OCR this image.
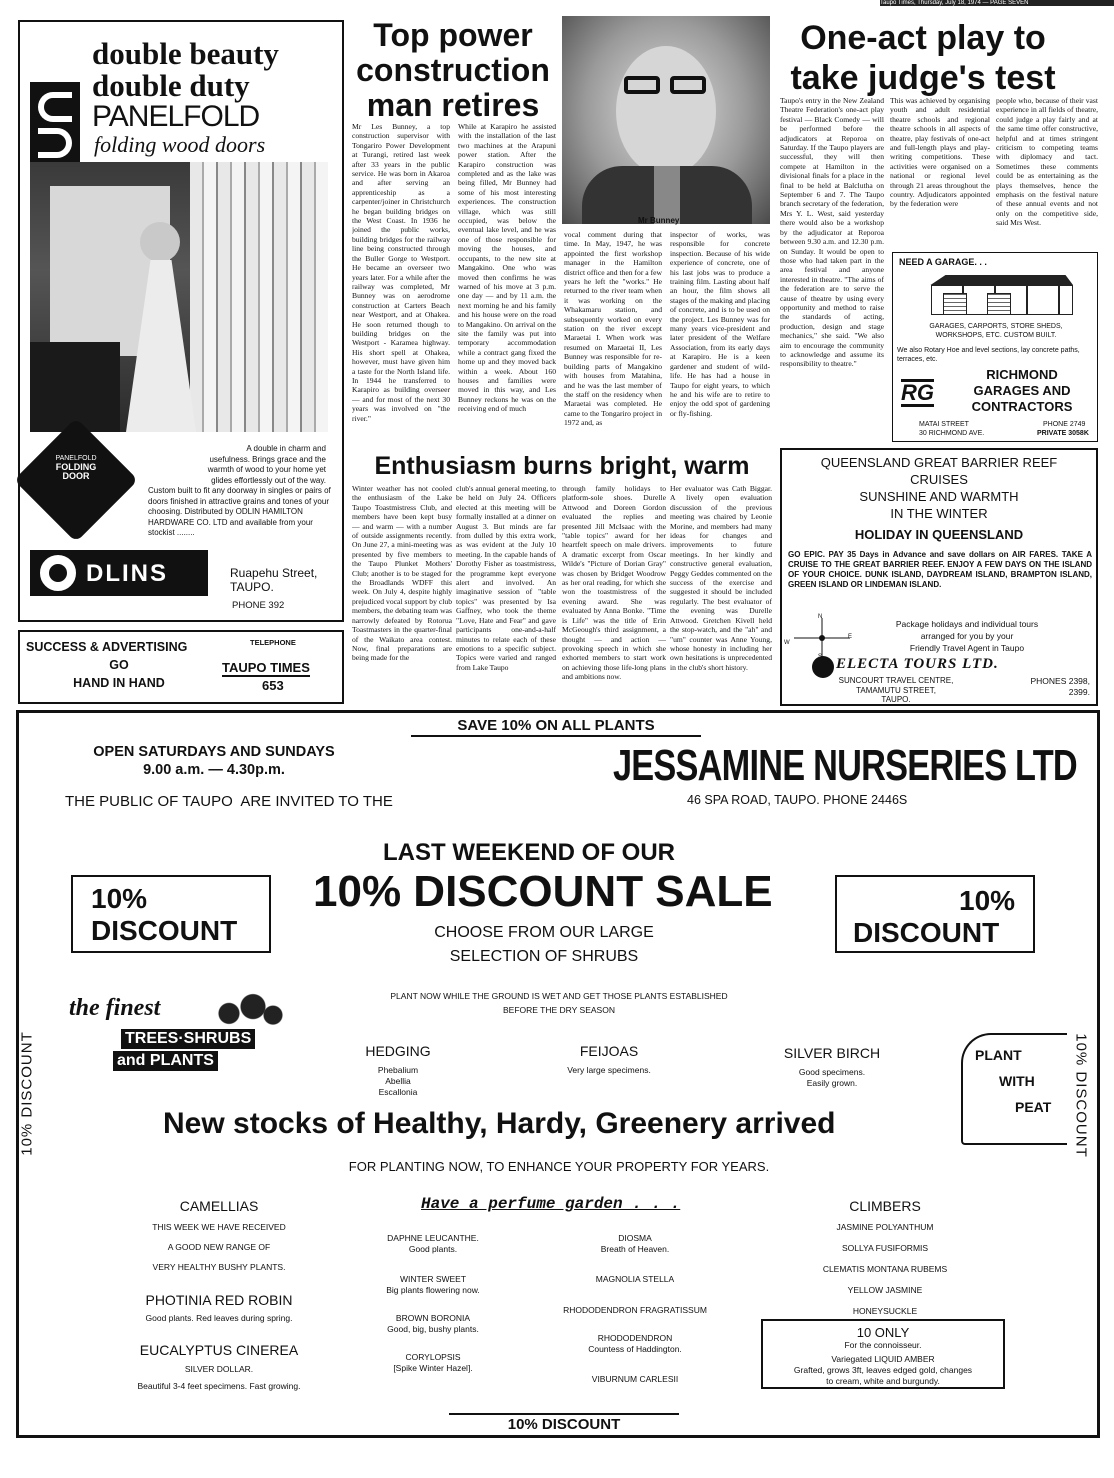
Taupo Times, Thursday, July 18, 1974 — PAGE SEVEN
double beauty
double duty
PANELFOLD
folding wood doors
A double in charm and
usefulness. Brings grace and the
warmth of wood to your home yet
glides effortlessly out of the way.
PANELFOLD
FOLDING
DOOR
Custom built to fit any doorway in singles or pairs of doors finished in attractive grains and tones of your choosing. Distributed by ODLIN HAMILTON HARDWARE CO. LTD and available from your stockist ........
DLINS	Ruapehu Street,
TAUPO.
PHONE 392
SUCCESS & ADVERTISING
GO
HAND IN HAND
TELEPHONE
TAUPO TIMES
653
Top power
construction
man retires
Mr Les Bunney, a top construction supervisor with Tongariro Power Development at Turangi, retired last week after 33 years in the public service. He was born in Akaroa and after serving an apprenticeship as a carpenter/joiner in Christchurch he began building bridges on the West Coast. In 1936 he joined the public works, building bridges for the railway line being constructed through the Buller Gorge to Westport. He became an overseer two years later. For a while after the railway was completed, Mr Bunney was on aerodrome construction at Carters Beach near Westport, and at Ohakea. He soon returned though to building bridges on the Westport - Karamea highway. His short spell at Ohakea, however, must have given him a taste for the North Island life. In 1944 he transferred to Karapiro as building overseer — and for most of the next 30 years was involved on "the river."
While at Karapiro he assisted with the installation of the last two machines at the Arapuni power station. After the Karapiro construction was completed and as the lake was being filled, Mr Bunney had some of his most interesting experiences. The construction village, which was still occupied, was below the eventual lake level, and he was one of those responsible for moving the houses, and occupants, to the new site at Mangakino. One who was moved then confirms he was warned of his move at 3 p.m. one day — and by 11 a.m. the next morning he and his family and his house were on the road to Mangakino. On arrival on the site the family was put into temporary accommodation while a contract gang fixed the home up and they moved back within a week. About 160 houses and families were moved in this way, and Les Bunney reckons he was on the receiving end of much
Mr Bunney
vocal comment during that time. In May, 1947, he was appointed the first workshop manager in the Hamilton district office and then for a few years he left the "works." He returned to the river team when it was working on the Whakamaru station, and subsequently worked on every station on the river except Maraetai I. When work was resumed on Maraetai II, Les Bunney was responsible for re-building parts of Mangakino with houses from Matahina, and he was the last member of the staff on the residency when Maraetai was completed. He came to the Tongariro project in 1972 and, as
inspector of works, was responsible for concrete inspection. Because of his wide experience of concrete, one of his last jobs was to produce a training film. Lasting about half an hour, the film shows all stages of the making and placing of concrete, and is to be used on the project. Les Bunney was for many years vice-president and later president of the Welfare Association, from its early days at Karapiro. He is a keen gardener and student of wild-life. He has had a house in Taupo for eight years, to which he and his wife are to retire to enjoy the odd spot of gardening or fly-fishing.
One-act play to
take judge's test
Taupo's entry in the New Zealand Theatre Federation's one-act play festival — Black Comedy — will be performed before the adjudicators at Reporoa on Saturday. If the Taupo players are successful, they will then compete at Hamilton in the divisional finals for a place in the final to be held at Balclutha on September 6 and 7. The Taupo branch secretary of the federation, Mrs Y. L. West, said yesterday there would also be a workshop by the adjudicator at Reporoa between 9.30 a.m. and 12.30 p.m. on Sunday. It would be open to those who had taken part in the area festival and anyone interested in theatre. "The aims of the federation are to serve the cause of theatre by using every opportunity and method to raise the standards of acting, production, design and stage mechanics," she said. "We also aim to encourage the community to acknowledge and assume its responsibility to theatre."
This was achieved by organising youth and adult residential theatre schools and regional theatre schools in all aspects of theatre, play festivals of one-act and full-length plays and play-writing competitions. These activities were organised on a national or regional level through 21 areas throughout the country. Adjudicators appointed by the federation were
people who, because of their vast experience in all fields of theatre, could judge a play fairly and at the same time offer constructive, helpful and at times stringent criticism to competing teams with diplomacy and tact. Sometimes these comments could be as entertaining as the plays themselves, hence the emphasis on the festival nature of these annual events and not only on the competitive side, said Mrs West.
NEED A GARAGE. . .
GARAGES, CARPORTS, STORE SHEDS, WORKSHOPS, ETC. CUSTOM BUILT.
We also Rotary Hoe and level sections, lay concrete paths, terraces, etc.
RG
RICHMOND
GARAGES AND
CONTRACTORS
MATAI STREET
30 RICHMOND AVE.
PHONE 2749
PRIVATE 3058K
QUEENSLAND GREAT BARRIER REEF
CRUISES
SUNSHINE AND WARMTH
IN THE WINTER
HOLIDAY IN QUEENSLAND
GO EPIC. PAY 35 Days in Advance and save dollars on AIR FARES. TAKE A CRUISE TO THE GREAT BARRIER REEF. ENJOY A FEW DAYS ON THE ISLAND OF YOUR CHOICE. DUNK ISLAND, DAYDREAM ISLAND, BRAMPTON ISLAND, GREEN ISLAND OR LINDEMAN ISLAND.
Package holidays and individual tours
arranged for you by your
Friendly Travel Agent in Taupo
N
E
W
ELECTA TOURS LTD.
SUNCOURT TRAVEL CENTRE,
TAMAMUTU STREET,
TAUPO.
PHONES 2398,
2399.
Enthusiasm burns bright, warm
Winter weather has not cooled the enthusiasm of the Lake Taupo Toastmistress Club, and members have been kept busy — and warm — with a number of outside assignments recently. On June 27, a mini-meeting was presented by five members to the Taupo Plunket Mothers' Club; another is to be staged for the Broadlands WDFF this week. On July 4, despite highly prejudiced vocal support by club members, the debating team was narrowly defeated by Rotorua Toastmasters in the quarter-final of the Waikato area contest. Now, final preparations are being made for the
club's annual general meeting, to be held on July 24. Officers elected at this meeting will be formally installed at a dinner on August 3. But minds are far from dulled by this extra work, as was evident at the July 10 meeting. In the capable hands of Dorothy Fisher as toastmistress, the programme kept everyone alert and involved. An imaginative session of "table topics" was presented by Isa Gaffney, who took the theme "Love, Hate and Fear" and gave participants one-and-a-half minutes to relate each of these emotions to a specific subject. Topics were varied and ranged from Lake Taupo
through family holidays to platform-sole shoes. Durelle Attwood and Doreen Gordon evaluated the replies and presented Jill McIsaac with the "table topics" award for her heartfelt speech on male drivers. A dramatic excerpt from Oscar Wilde's "Picture of Dorian Gray" was chosen by Bridget Woodrow as her oral reading, for which she won the toastmistress of the evening award. She was evaluated by Anna Bonke. "Time is Life" was the title of Erin McGeough's third assignment, a thought — and action — provoking speech in which she exhorted members to start work on achieving those life-long plans and ambitions now.
Her evaluator was Cath Biggar. A lively open evaluation discussion of the previous meeting was chaired by Leonie Morine, and members had many ideas for changes and improvements to future meetings. In her kindly and constructive general evaluation, Peggy Geddes commented on the success of the exercise and suggested it should be included regularly. The best evaluator of the evening was Durelle Attwood. Gretchen Kivell held the stop-watch, and the "ah" and "um" counter was Anne Young, whose honesty in including her own hesitations is unprecedented in the club's short history.
SAVE 10% ON ALL PLANTS
OPEN SATURDAYS AND SUNDAYS
9.00 a.m. — 4.30p.m.
THE PUBLIC OF TAUPO  ARE INVITED TO THE
JESSAMINE NURSERIES LTD
46 SPA ROAD, TAUPO. PHONE 2446S
LAST WEEKEND OF OUR
10% DISCOUNT SALE
CHOOSE FROM OUR LARGE
SELECTION OF SHRUBS
10%
DISCOUNT
10%
DISCOUNT
PLANT NOW WHILE THE GROUND IS WET AND GET THOSE PLANTS ESTABLISHED
BEFORE THE DRY SEASON
the finest
TREES·SHRUBS
and PLANTS
HEDGING
Phebalium
Abellia
Escallonia
FEIJOAS
Very large specimens.
SILVER BIRCH
Good specimens.
Easily grown.
PLANT
WITH
PEAT
New stocks of Healthy, Hardy, Greenery arrived
FOR PLANTING NOW, TO ENHANCE YOUR PROPERTY FOR YEARS.
CAMELLIAS
THIS WEEK WE HAVE RECEIVED
A GOOD NEW RANGE OF
VERY HEALTHY BUSHY PLANTS.
PHOTINIA RED ROBIN
Good plants. Red leaves during spring.
EUCALYPTUS CINEREA
SILVER DOLLAR.
Beautiful 3-4 feet specimens. Fast growing.
Have a perfume garden . . .
DAPHNE LEUCANTHE.
Good plants.
WINTER SWEET
Big plants flowering now.
BROWN BORONIA
Good, big, bushy plants.
CORYLOPSIS
[Spike Winter Hazel].
DIOSMA
Breath of Heaven.
MAGNOLIA STELLA
RHODODENDRON FRAGRATISSUM
RHODODENDRON
Countess of Haddington.
VIBURNUM CARLESII
CLIMBERS
JASMINE POLYANTHUM
SOLLYA FUSIFORMIS
CLEMATIS MONTANA RUBEMS
YELLOW JASMINE
HONEYSUCKLE
10 ONLY
For the connoisseur.
Variegated LIQUID AMBER
Grafted, grows 3ft, leaves edged gold, changes
to cream, white and burgundy.
10% DISCOUNT
10% DISCOUNT	10% DISCOUNT
